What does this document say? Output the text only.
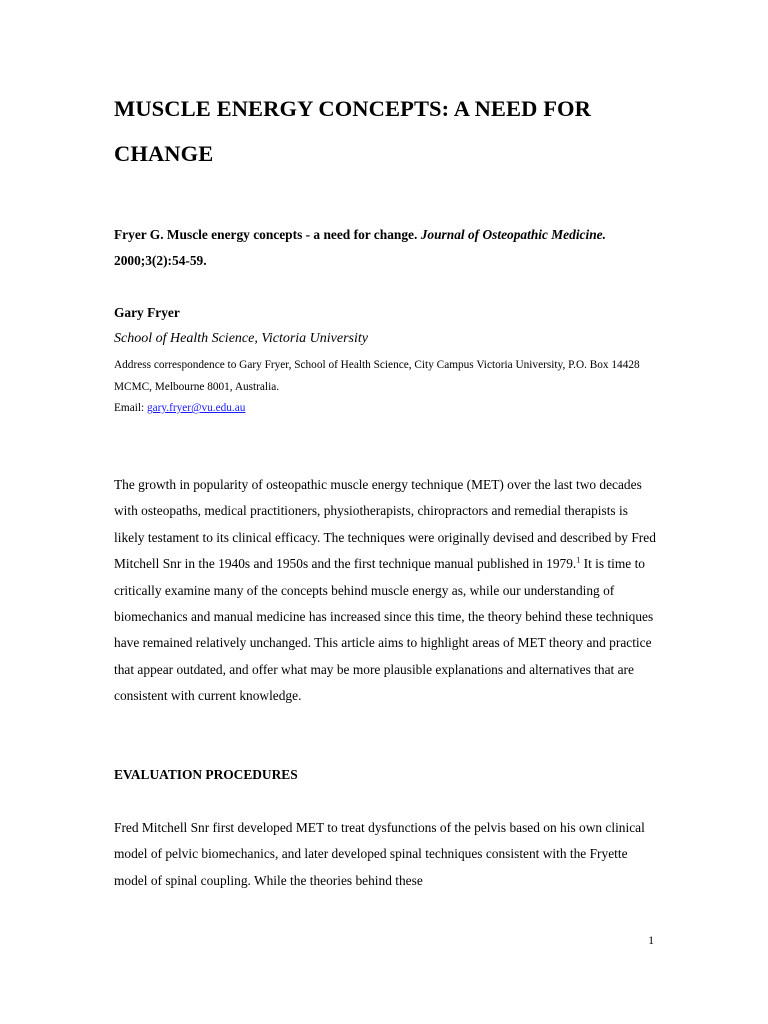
MUSCLE ENERGY CONCEPTS: A NEED FOR CHANGE

Fryer G. Muscle energy concepts - a need for change. Journal of Osteopathic Medicine. 2000;3(2):54-59.

Gary Fryer

School of Health Science, Victoria University

Address correspondence to Gary Fryer, School of Health Science, City Campus Victoria University, P.O. Box 14428 MCMC, Melbourne 8001, Australia.

Email: gary.fryer@vu.edu.au

The growth in popularity of osteopathic muscle energy technique (MET) over the last two decades with osteopaths, medical practitioners, physiotherapists, chiropractors and remedial therapists is likely testament to its clinical efficacy. The techniques were originally devised and described by Fred Mitchell Snr in the 1940s and 1950s and the first technique manual published in 1979.$^1$ It is time to critically examine many of the concepts behind muscle energy as, while our understanding of biomechanics and manual medicine has increased since this time, the theory behind these techniques have remained relatively unchanged. This article aims to highlight areas of MET theory and practice that appear outdated, and offer what may be more plausible explanations and alternatives that are consistent with current knowledge.

EVALUATION PROCEDURES

Fred Mitchell Snr first developed MET to treat dysfunctions of the pelvis based on his own clinical model of pelvic biomechanics, and later developed spinal techniques consistent with the Fryette model of spinal coupling. While the theories behind these

1
